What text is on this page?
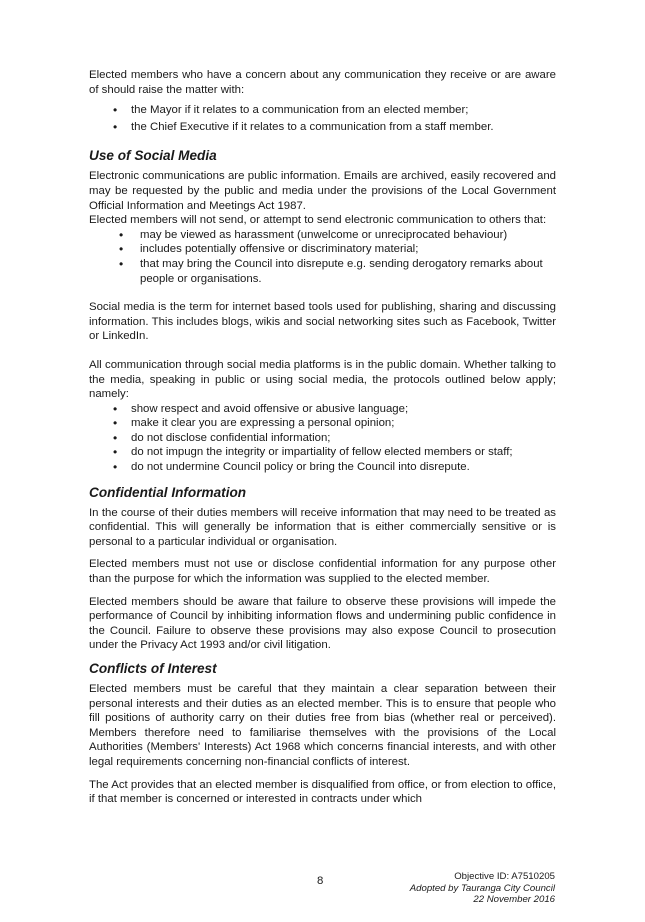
Elected members who have a concern about any communication they receive or are aware of should raise the matter with:

• the Mayor if it relates to a communication from an elected member;
• the Chief Executive if it relates to a communication from a staff member.
Use of Social Media

Electronic communications are public information. Emails are archived, easily recovered and may be requested by the public and media under the provisions of the Local Government Official Information and Meetings Act 1987.

Elected members will not send, or attempt to send electronic communication to others that:

• may be viewed as harassment (unwelcome or unreciprocated behaviour)
• includes potentially offensive or discriminatory material;
• that may bring the Council into disrepute e.g. sending derogatory remarks about people or organisations.

Social media is the term for internet based tools used for publishing, sharing and discussing information. This includes blogs, wikis and social networking sites such as Facebook, Twitter or LinkedIn.

All communication through social media platforms is in the public domain. Whether talking to the media, speaking in public or using social media, the protocols outlined below apply; namely:

• show respect and avoid offensive or abusive language;
• make it clear you are expressing a personal opinion;
• do not disclose confidential information;
• do not impugn the integrity or impartiality of fellow elected members or staff;
• do not undermine Council policy or bring the Council into disrepute.
Confidential Information

In the course of their duties members will receive information that may need to be treated as confidential. This will generally be information that is either commercially sensitive or is personal to a particular individual or organisation.

Elected members must not use or disclose confidential information for any purpose other than the purpose for which the information was supplied to the elected member.

Elected members should be aware that failure to observe these provisions will impede the performance of Council by inhibiting information flows and undermining public confidence in the Council. Failure to observe these provisions may also expose Council to prosecution under the Privacy Act 1993 and/or civil litigation.

Conflicts of Interest

Elected members must be careful that they maintain a clear separation between their personal interests and their duties as an elected member. This is to ensure that people who fill positions of authority carry on their duties free from bias (whether real or perceived). Members therefore need to familiarise themselves with the provisions of the Local Authorities (Members' Interests) Act 1968 which concerns financial interests, and with other legal requirements concerning non-financial conflicts of interest.

The Act provides that an elected member is disqualified from office, or from election to office, if that member is concerned or interested in contracts under which

8	Objective ID: A7510205
Adopted by Tauranga City Council
22 November 2016
